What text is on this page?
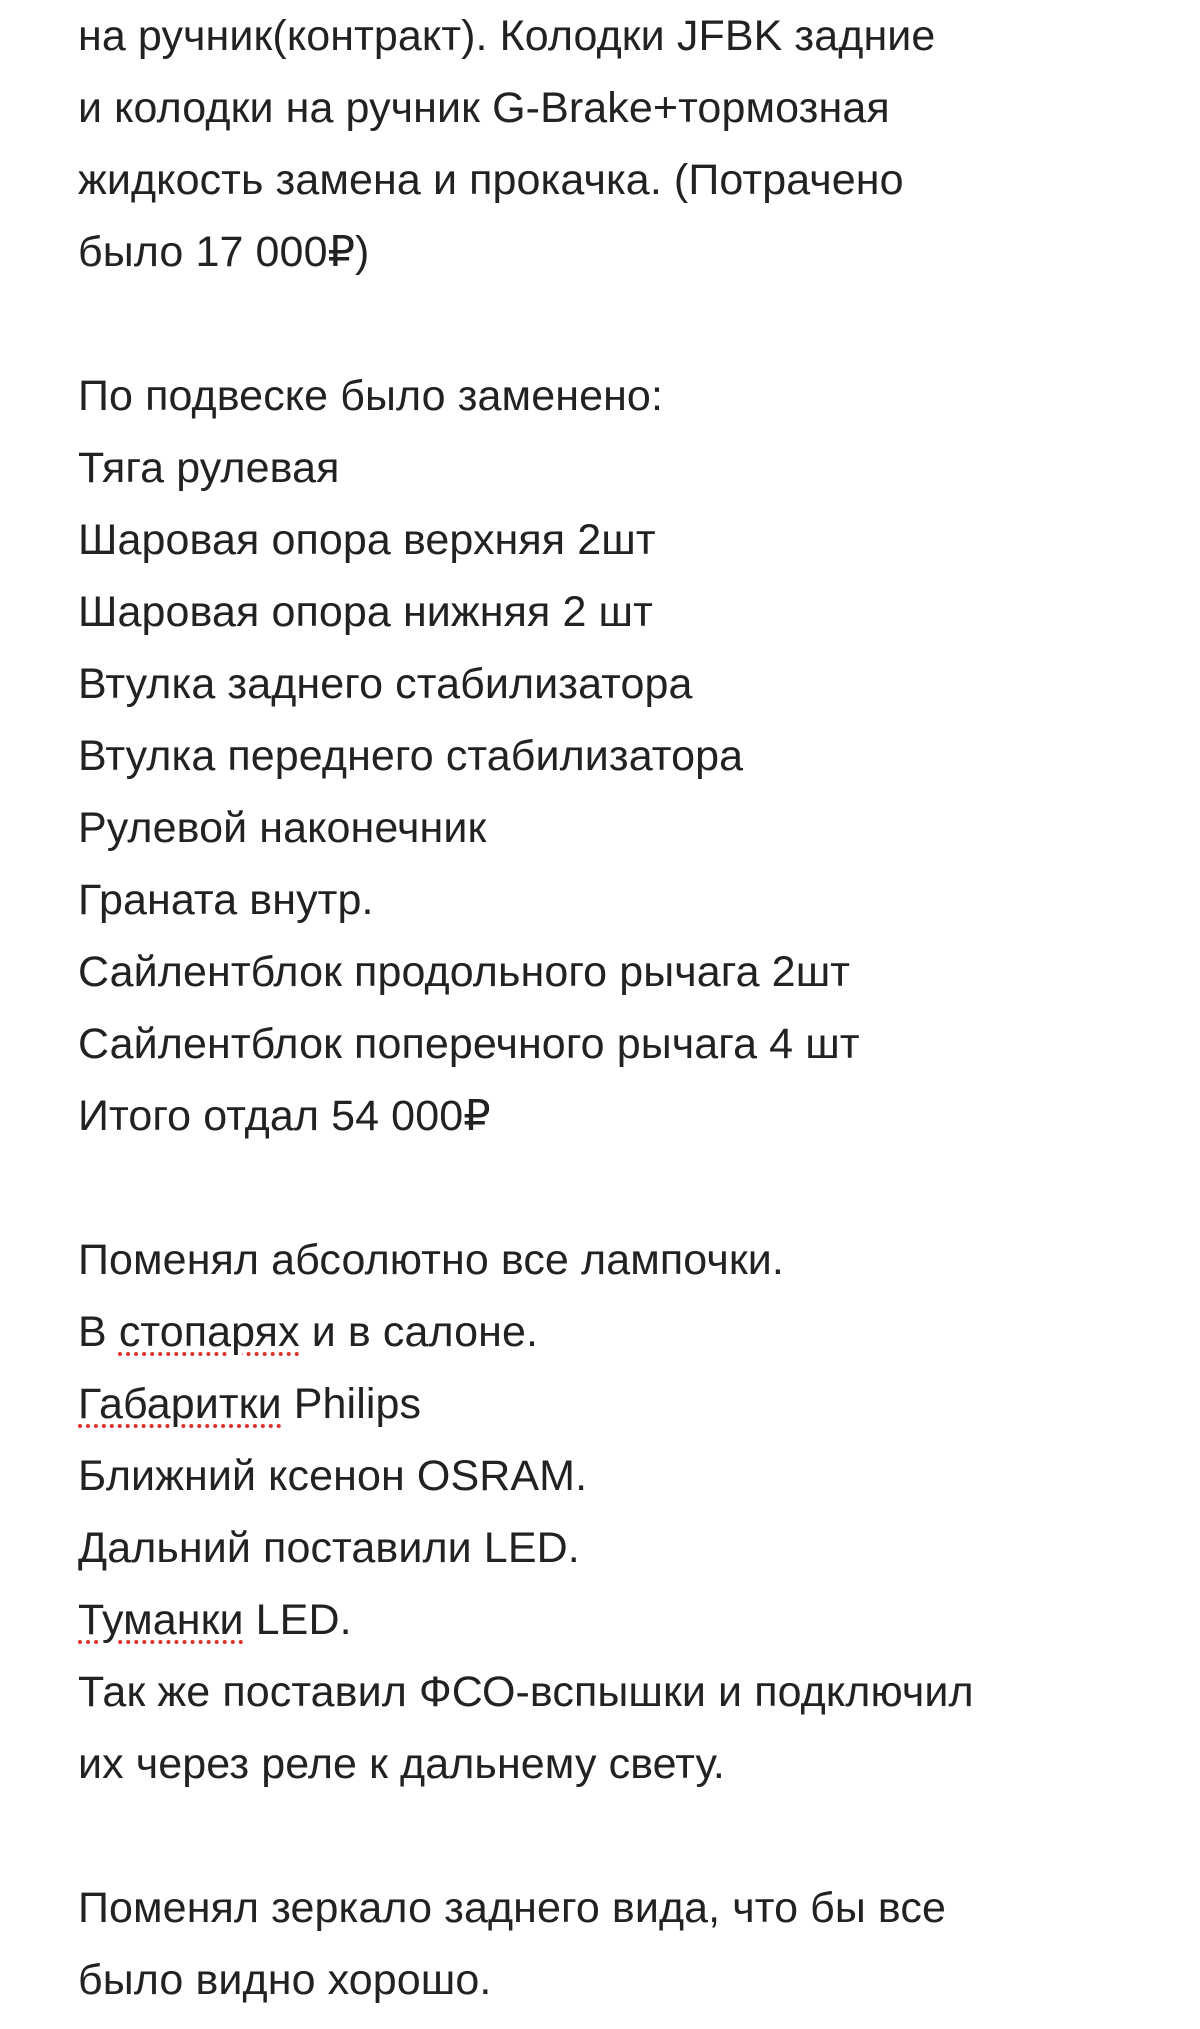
на ручник(контракт). Колодки JFBK задние
и колодки на ручник G-Brake+тормозная
жидкость замена и прокачка. (Потрачено
было 17 000₽)
По подвеске было заменено:
Тяга рулевая
Шаровая опора верхняя 2шт
Шаровая опора нижняя 2 шт
Втулка заднего стабилизатора
Втулка переднего стабилизатора
Рулевой наконечник
Граната внутр.
Сайлентблок продольного рычага 2шт
Сайлентблок поперечного рычага 4 шт
Итого отдал 54 000₽
Поменял абсолютно все лампочки.
В стопарях и в салоне.
Габаритки Philips
Ближний ксенон OSRAM.
Дальний поставили LED.
Туманки LED.
Так же поставил ФСО-вспышки и подключил
их через реле к дальнему свету.
Поменял зеркало заднего вида, что бы все
было видно хорошо.
